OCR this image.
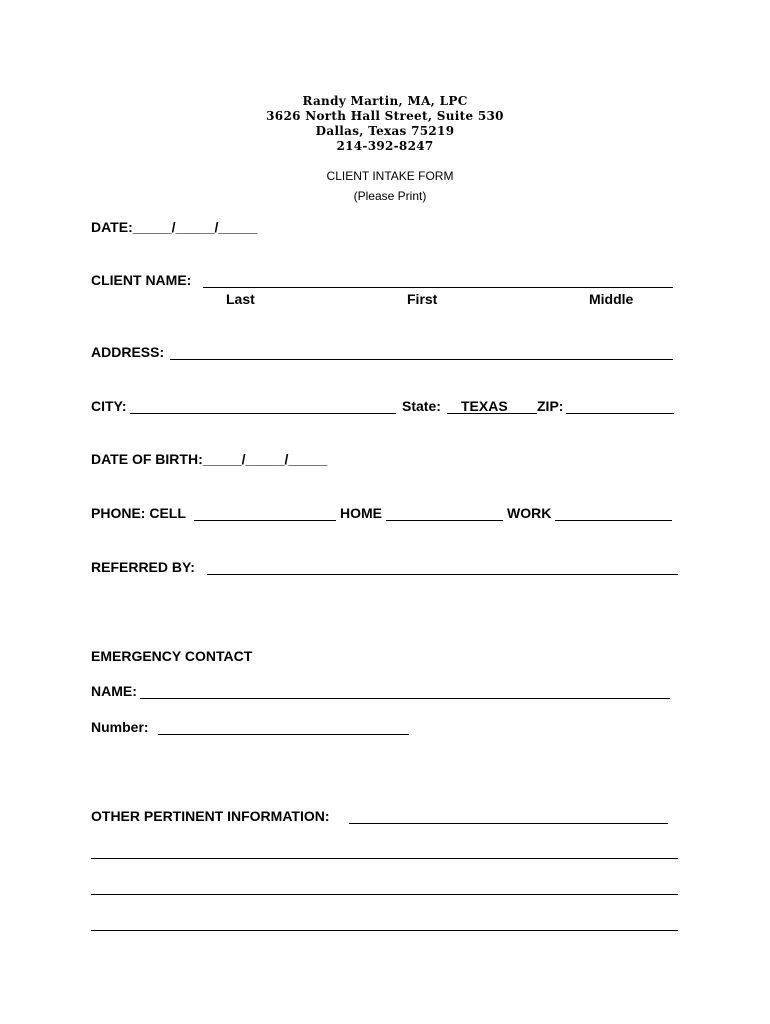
Randy Martin, MA, LPC
3626 North Hall Street, Suite 530
Dallas, Texas 75219
214-392-8247
CLIENT INTAKE FORM
(Please Print)
DATE:_____/_____/_____
CLIENT NAME:
Last	First	Middle
ADDRESS:
CITY:	State: TEXAS ZIP:
DATE OF BIRTH:_____/_____/_____
PHONE: CELL	HOME	WORK
REFERRED BY:
EMERGENCY CONTACT
NAME:
Number:
OTHER PERTINENT INFORMATION:
